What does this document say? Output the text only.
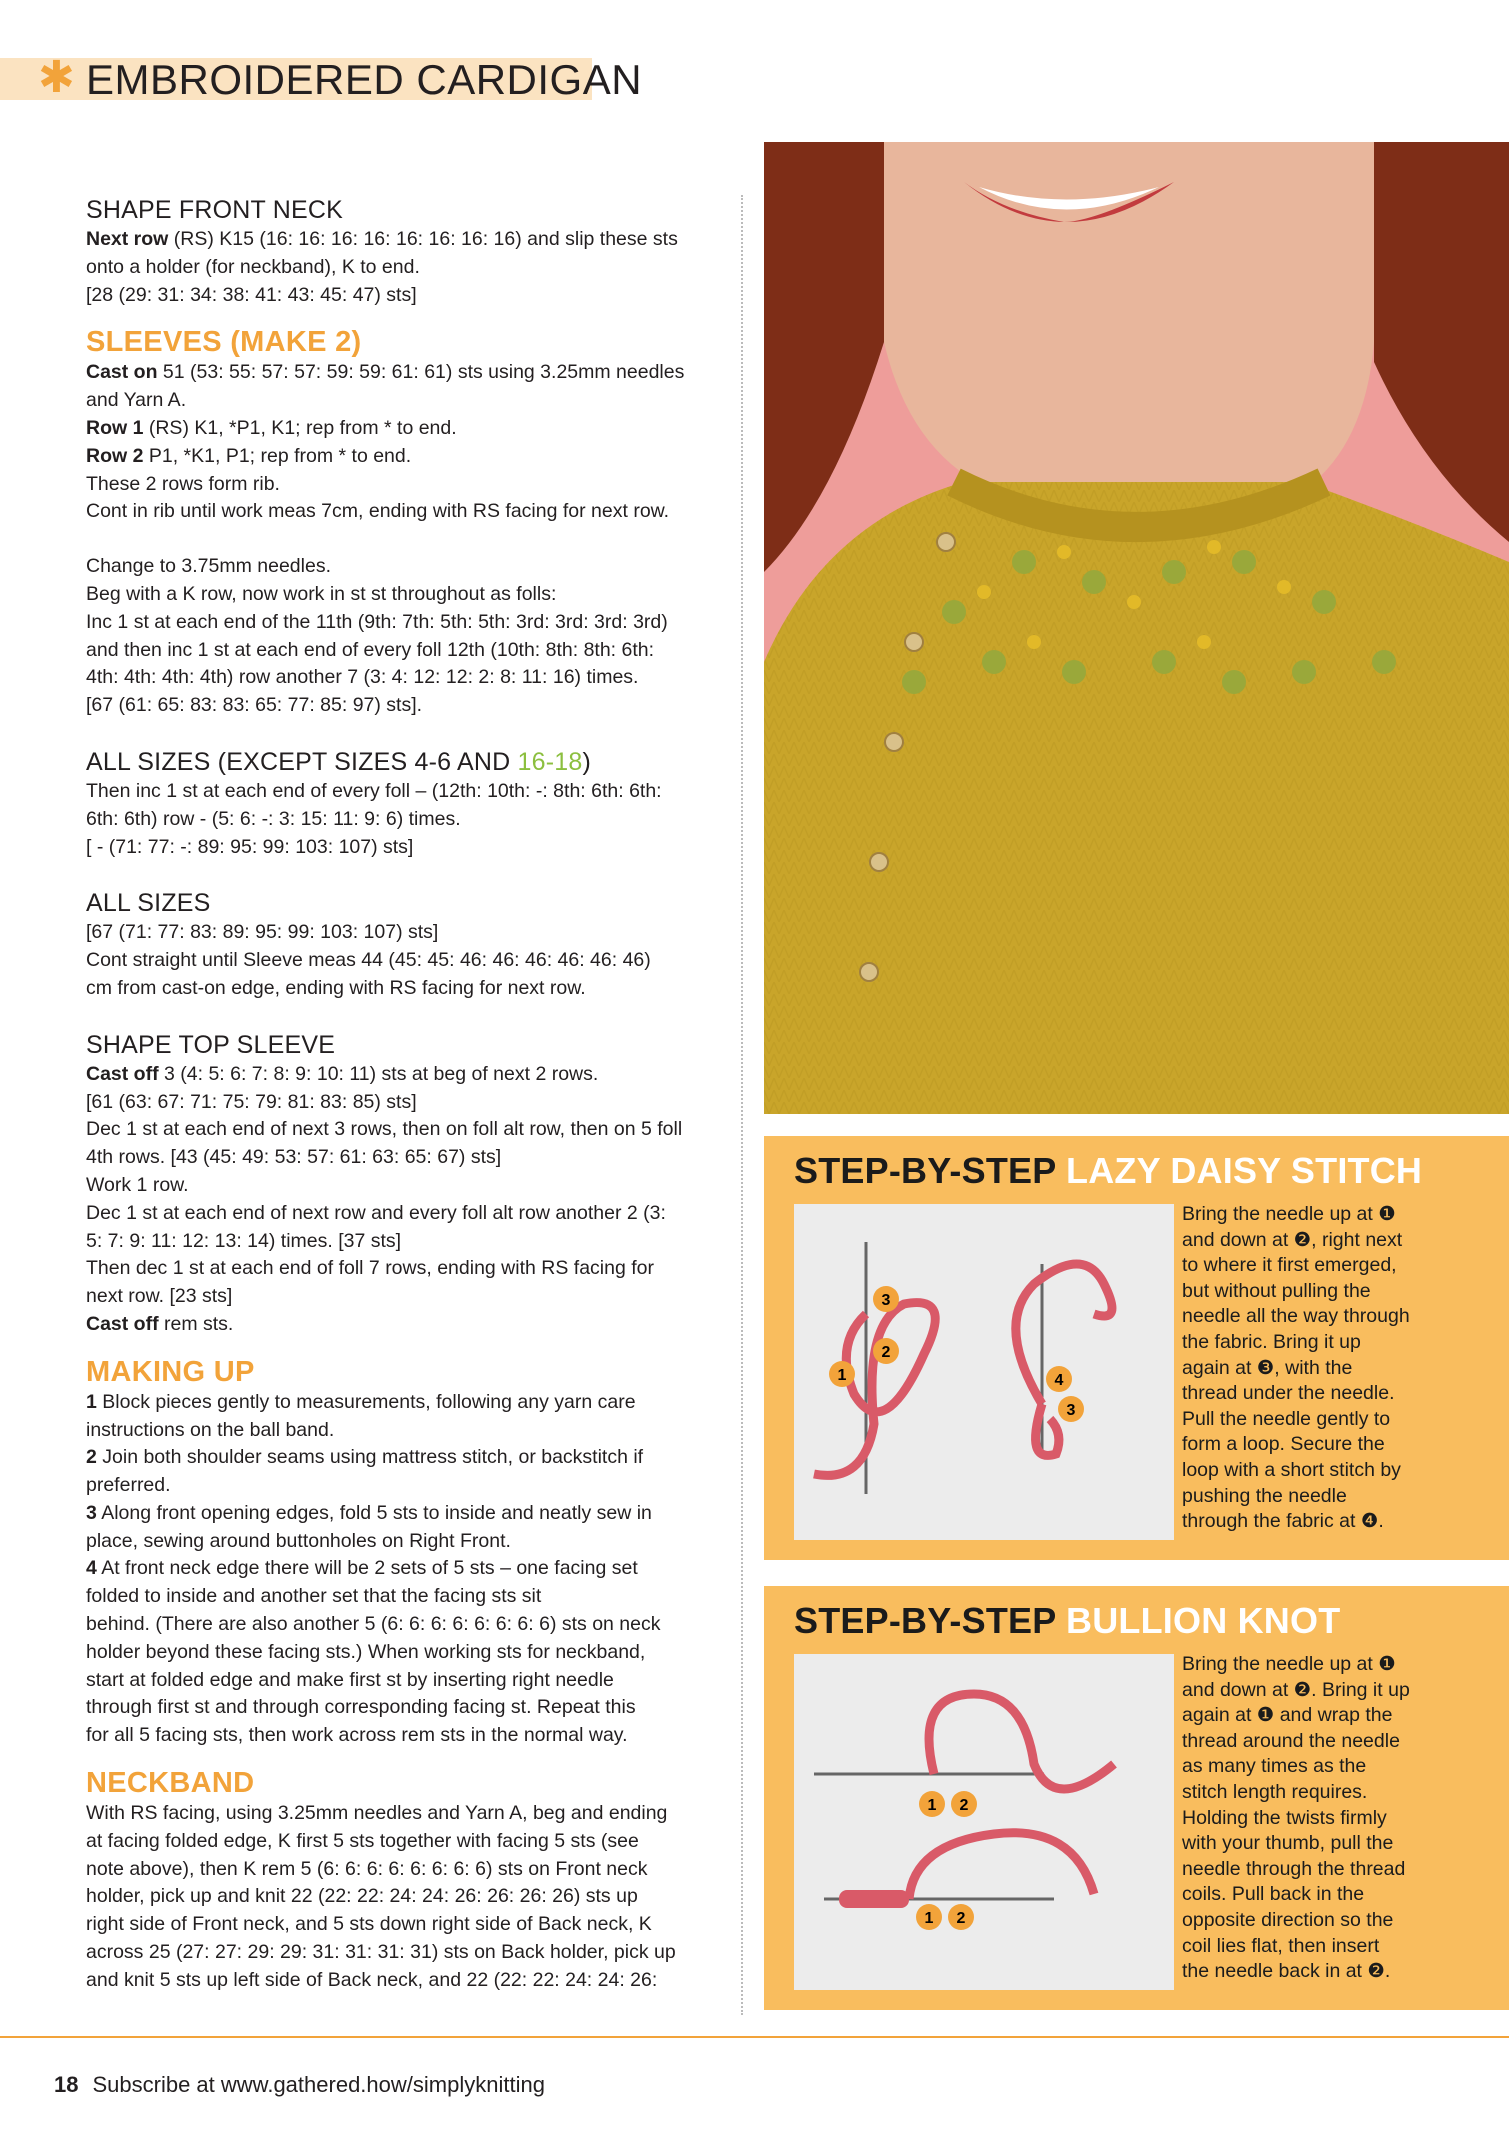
✱ EMBROIDERED CARDIGAN

SHAPE FRONT NECK

Next row (RS) K15 (16: 16: 16: 16: 16: 16: 16: 16) and slip these sts

onto a holder (for neckband), K to end.

[28 (29: 31: 34: 38: 41: 43: 45: 47) sts]

SLEEVES (MAKE 2)

Cast on 51 (53: 55: 57: 57: 59: 59: 61: 61) sts using 3.25mm needles

and Yarn A.

Row 1 (RS) K1, *P1, K1; rep from * to end.

Row 2 P1, *K1, P1; rep from * to end.

These 2 rows form rib.

Cont in rib until work meas 7cm, ending with RS facing for next row.

Change to 3.75mm needles.

Beg with a K row, now work in st st throughout as folls:

Inc 1 st at each end of the 11th (9th: 7th: 5th: 5th: 3rd: 3rd: 3rd: 3rd)

and then inc 1 st at each end of every foll 12th (10th: 8th: 8th: 6th:

4th: 4th: 4th: 4th) row another 7 (3: 4: 12: 12: 2: 8: 11: 16) times.

[67 (61: 65: 83: 83: 65: 77: 85: 97) sts].

ALL SIZES (EXCEPT SIZES 4-6 AND 16-18)

Then inc 1 st at each end of every foll – (12th: 10th: -: 8th: 6th: 6th:

6th: 6th) row - (5: 6: -: 3: 15: 11: 9: 6) times.

[ - (71: 77: -: 89: 95: 99: 103: 107) sts]

ALL SIZES

[67 (71: 77: 83: 89: 95: 99: 103: 107) sts]

Cont straight until Sleeve meas 44 (45: 45: 46: 46: 46: 46: 46: 46)

cm from cast-on edge, ending with RS facing for next row.

SHAPE TOP SLEEVE

Cast off 3 (4: 5: 6: 7: 8: 9: 10: 11) sts at beg of next 2 rows.

[61 (63: 67: 71: 75: 79: 81: 83: 85) sts]

Dec 1 st at each end of next 3 rows, then on foll alt row, then on 5 foll

4th rows. [43 (45: 49: 53: 57: 61: 63: 65: 67) sts]

Work 1 row.

Dec 1 st at each end of next row and every foll alt row another 2 (3:

5: 7: 9: 11: 12: 13: 14) times. [37 sts]

Then dec 1 st at each end of foll 7 rows, ending with RS facing for

next row. [23 sts]

Cast off rem sts.

MAKING UP

1 Block pieces gently to measurements, following any yarn care

instructions on the ball band.

2 Join both shoulder seams using mattress stitch, or backstitch if

preferred.

3 Along front opening edges, fold 5 sts to inside and neatly sew in

place, sewing around buttonholes on Right Front.

4 At front neck edge there will be 2 sets of 5 sts – one facing set

folded to inside and another set that the facing sts sit

behind. (There are also another 5 (6: 6: 6: 6: 6: 6: 6: 6) sts on neck

holder beyond these facing sts.) When working sts for neckband,

start at folded edge and make first st by inserting right needle

through first st and through corresponding facing st. Repeat this

for all 5 facing sts, then work across rem sts in the normal way.

NECKBAND

With RS facing, using 3.25mm needles and Yarn A, beg and ending

at facing folded edge, K first 5 sts together with facing 5 sts (see

note above), then K rem 5 (6: 6: 6: 6: 6: 6: 6: 6) sts on Front neck

holder, pick up and knit 22 (22: 22: 24: 24: 26: 26: 26: 26) sts up

right side of Front neck, and 5 sts down right side of Back neck, K

across 25 (27: 27: 29: 29: 31: 31: 31: 31) sts on Back holder, pick up

and knit 5 sts up left side of Back neck, and 22 (22: 22: 24: 24: 26:

STEP-BY-STEP LAZY DAISY STITCH
3
2
1	4
3
Bring the needle up at ❶
and down at ❷, right next
to where it first emerged,
but without pulling the
needle all the way through
the fabric. Bring it up
again at ❸, with the
thread under the needle.
Pull the needle gently to
form a loop. Secure the
loop with a short stitch by
pushing the needle
through the fabric at ❹.
STEP-BY-STEP BULLION KNOT
1 2
1 2
Bring the needle up at ❶
and down at ❷. Bring it up
again at ❶ and wrap the
thread around the needle
as many times as the
stitch length requires.
Holding the twists firmly
with your thumb, pull the
needle through the thread
coils. Pull back in the
opposite direction so the
coil lies flat, then insert
the needle back in at ❷.
18 Subscribe at www.gathered.how/simplyknitting
